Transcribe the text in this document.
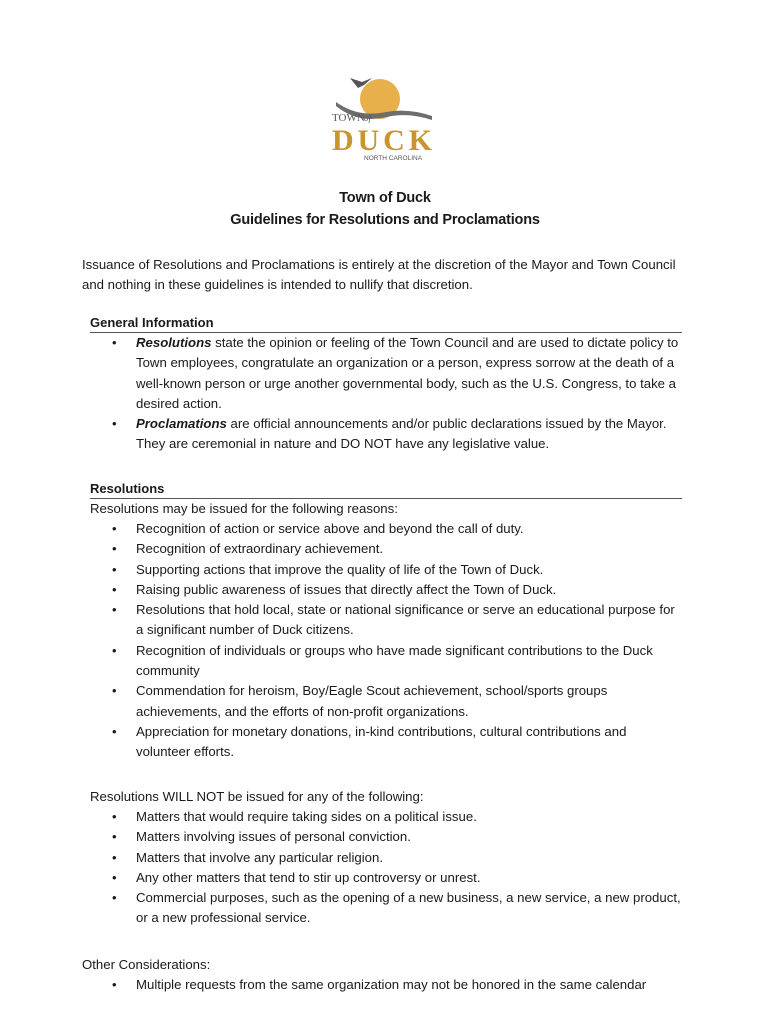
TOWN of
DUCK
NORTH CAROLINA
Town of Duck
Guidelines for Resolutions and Proclamations
Issuance of Resolutions and Proclamations is entirely at the discretion of the Mayor and Town Council and nothing in these guidelines is intended to nullify that discretion.
General Information
•	Resolutions state the opinion or feeling of the Town Council and are used to dictate policy to Town employees, congratulate an organization or a person, express sorrow at the death of a well-known person or urge another governmental body, such as the U.S. Congress, to take a desired action.
•	Proclamations are official announcements and/or public declarations issued by the Mayor. They are ceremonial in nature and DO NOT have any legislative value.
Resolutions
Resolutions may be issued for the following reasons:
•	Recognition of action or service above and beyond the call of duty.
•	Recognition of extraordinary achievement.
•	Supporting actions that improve the quality of life of the Town of Duck.
•	Raising public awareness of issues that directly affect the Town of Duck.
•	Resolutions that hold local, state or national significance or serve an educational purpose for a significant number of Duck citizens.
•	Recognition of individuals or groups who have made significant contributions to the Duck community
•	Commendation for heroism, Boy/Eagle Scout achievement, school/sports groups achievements, and the efforts of non-profit organizations.
•	Appreciation for monetary donations, in-kind contributions, cultural contributions and volunteer efforts.
Resolutions WILL NOT be issued for any of the following:
•	Matters that would require taking sides on a political issue.
•	Matters involving issues of personal conviction.
•	Matters that involve any particular religion.
•	Any other matters that tend to stir up controversy or unrest.
•	Commercial purposes, such as the opening of a new business, a new service, a new product, or a new professional service.
Other Considerations:
•	Multiple requests from the same organization may not be honored in the same calendar
